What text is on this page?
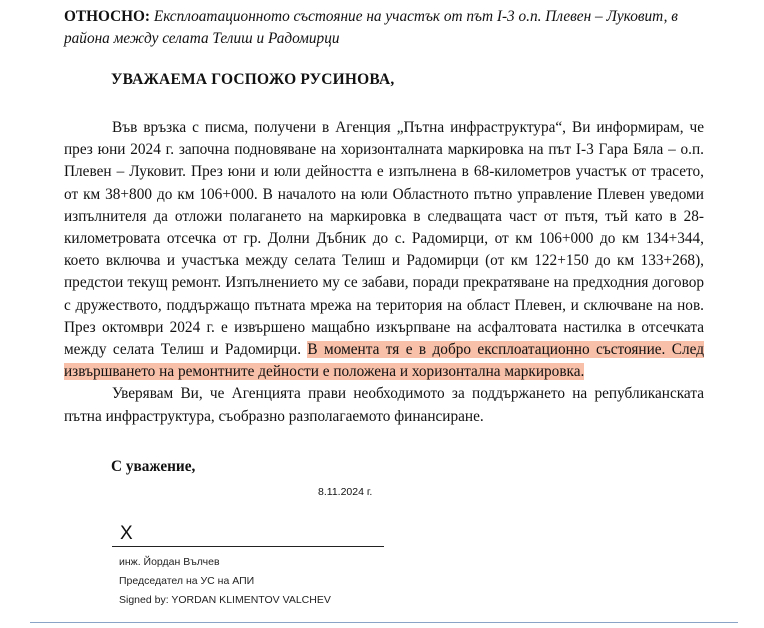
ОТНОСНО: Експлоатационното състояние на участък от път I-3 о.п. Плевен – Луковит, в района между селата Телиш и Радомирци
УВАЖАЕМА ГОСПОЖО РУСИНОВА,

Във връзка с писма, получени в Агенция „Пътна инфраструктура“, Ви информирам, че през юни 2024 г. започна подновяване на хоризонталната маркировка на път I-3 Гара Бяла – о.п. Плевен – Луковит. През юни и юли дейността е изпълнена в 68-километров участък от трасето, от км 38+800 до км 106+000. В началото на юли Областното пътно управление Плевен уведоми изпълнителя да отложи полагането на маркировка в следващата част от пътя, тъй като в 28-километровата отсечка от гр. Долни Дъбник до с. Радомирци, от км 106+000 до км 134+344, което включва и участъка между селата Телиш и Радомирци (от км 122+150 до км 133+268), предстои текущ ремонт. Изпълнението му се забави, поради прекратяване на предходния договор с дружеството, поддържащо пътната мрежа на територия на област Плевен, и сключване на нов. През октомври 2024 г. е извършено мащабно изкърпване на асфалтовата настилка в отсечката между селата Телиш и Радомирци. В момента тя е в добро експлоатационно състояние. След извършването на ремонтните дейности е положена и хоризонтална маркировка.

Уверявам Ви, че Агенцията прави необходимото за поддържането на републиканската пътна инфраструктура, съобразно разполагаемото финансиране.

С уважение,
8.11.2024 г.
X
инж. Йордан Вълчев
Председател на УС на АПИ
Signed by: YORDAN KLIMENTOV VALCHEV
